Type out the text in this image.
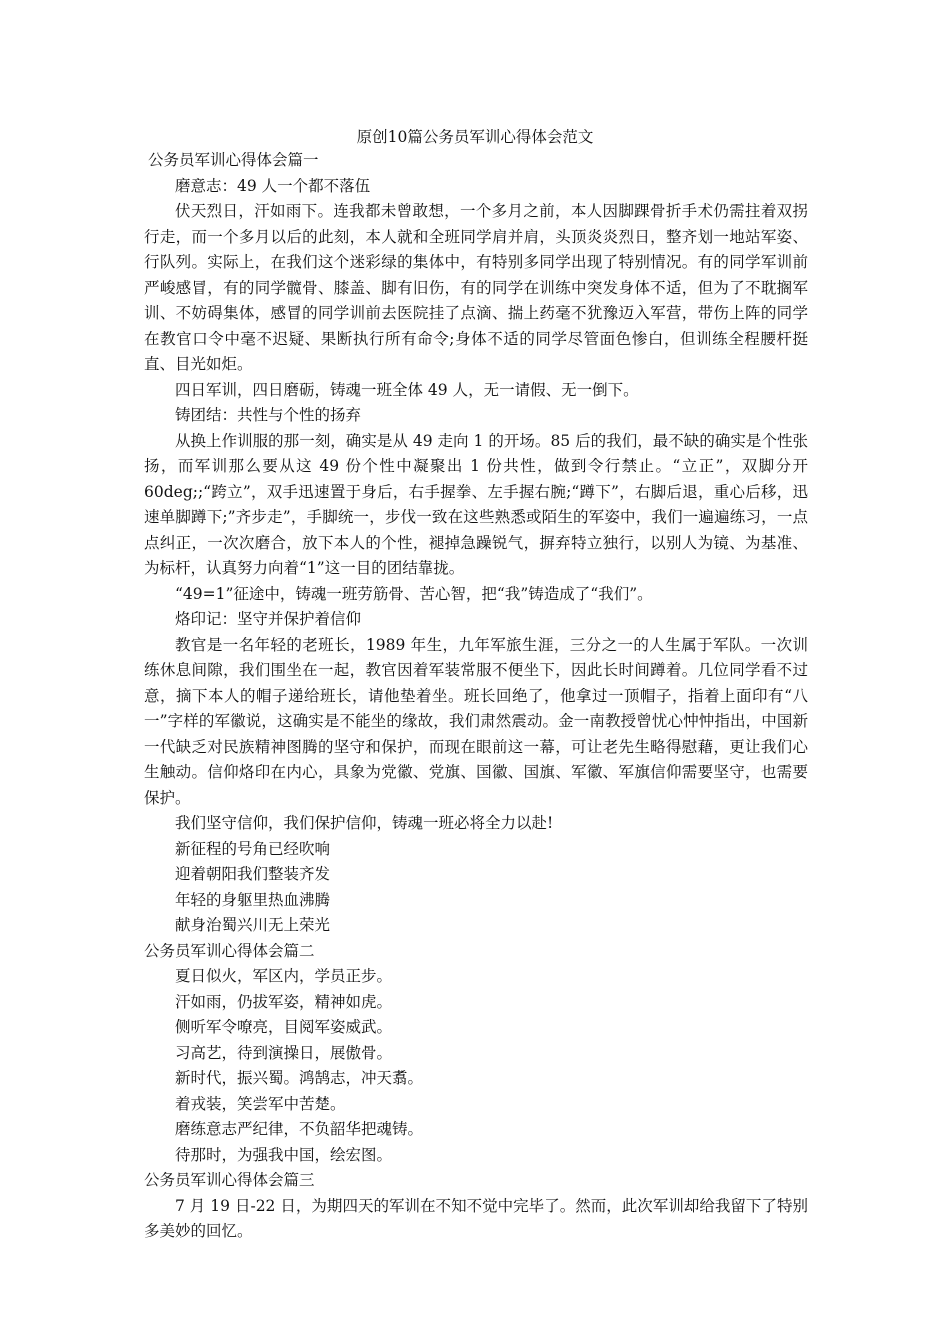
原创10篇公务员军训心得体会范文

公务员军训心得体会篇一

磨意志：49 人一个都不落伍

伏天烈日，汗如雨下。连我都未曾敢想，一个多月之前，本人因脚踝骨折手术仍需拄着双拐行走，而一个多月以后的此刻，本人就和全班同学肩并肩，头顶炎炎烈日，整齐划一地站军姿、行队列。实际上，在我们这个迷彩绿的集体中，有特别多同学出现了特别情况。有的同学军训前严峻感冒，有的同学髋骨、膝盖、脚有旧伤，有的同学在训练中突发身体不适，但为了不耽搁军训、不妨碍集体，感冒的同学训前去医院挂了点滴、揣上药毫不犹豫迈入军营，带伤上阵的同学在教官口令中毫不迟疑、果断执行所有命令;身体不适的同学尽管面色惨白，但训练全程腰杆挺直、目光如炬。

四日军训，四日磨砺，铸魂一班全体 49 人，无一请假、无一倒下。

铸团结：共性与个性的扬弃

从换上作训服的那一刻，确实是从 49 走向 1 的开场。85 后的我们，最不缺的确实是个性张扬，而军训那么要从这 49 份个性中凝聚出 1 份共性，做到令行禁止。“立正”，双脚分开 60deg;;“跨立”，双手迅速置于身后，右手握拳、左手握右腕;“蹲下”，右脚后退，重心后移，迅速单脚蹲下;”齐步走”，手脚统一，步伐一致在这些熟悉或陌生的军姿中，我们一遍遍练习，一点点纠正，一次次磨合，放下本人的个性，褪掉急躁锐气，摒弃特立独行，以别人为镜、为基准、为标杆，认真努力向着“1”这一目的团结靠拢。

“49=1”征途中，铸魂一班劳筋骨、苦心智，把“我”铸造成了“我们”。

烙印记：坚守并保护着信仰

教官是一名年轻的老班长，1989 年生，九年军旅生涯，三分之一的人生属于军队。一次训练休息间隙，我们围坐在一起，教官因着军装常服不便坐下，因此长时间蹲着。几位同学看不过意，摘下本人的帽子递给班长，请他垫着坐。班长回绝了，他拿过一顶帽子，指着上面印有“八一”字样的军徽说，这确实是不能坐的缘故，我们肃然震动。金一南教授曾忧心忡忡指出，中国新一代缺乏对民族精神图腾的坚守和保护，而现在眼前这一幕，可让老先生略得慰藉，更让我们心生触动。信仰烙印在内心，具象为党徽、党旗、国徽、国旗、军徽、军旗信仰需要坚守，也需要保护。

我们坚守信仰，我们保护信仰，铸魂一班必将全力以赴!

新征程的号角已经吹响

迎着朝阳我们整装齐发

年轻的身躯里热血沸腾

献身治蜀兴川无上荣光

公务员军训心得体会篇二

夏日似火，军区内，学员正步。

汗如雨，仍拔军姿，精神如虎。

侧听军令嘹亮，目阅军姿威武。

习高艺，待到演操日，展傲骨。

新时代，振兴蜀。鸿鹄志，冲天翥。

着戎装，笑尝军中苦楚。

磨练意志严纪律，不负韶华把魂铸。

待那时，为强我中国，绘宏图。

公务员军训心得体会篇三

7 月 19 日-22 日，为期四天的军训在不知不觉中完毕了。然而，此次军训却给我留下了特别多美妙的回忆。
